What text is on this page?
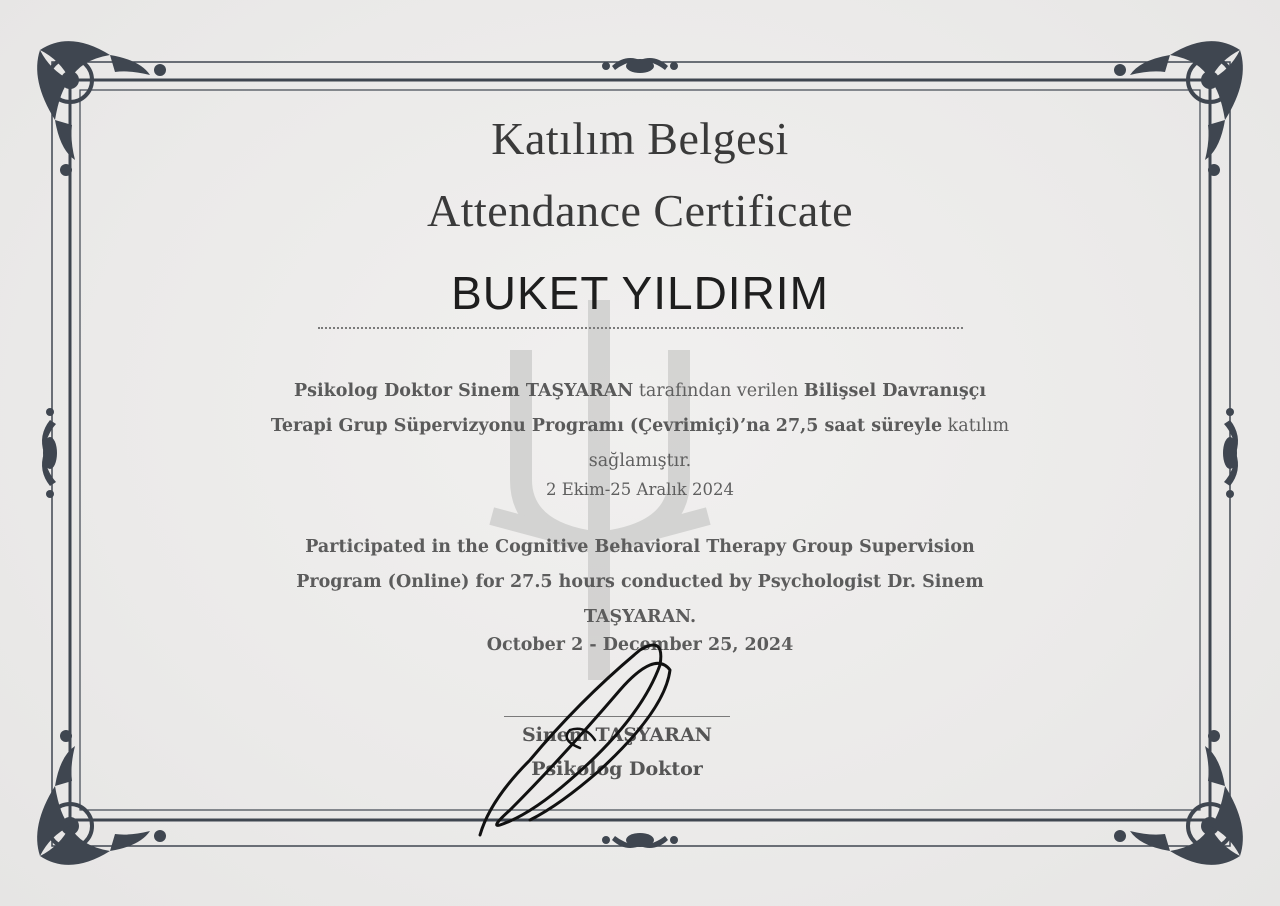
Katılım Belgesi
Attendance Certificate
BUKET YILDIRIM
Psikolog Doktor Sinem TAŞYARAN tarafından verilen Bilişsel Davranışçı Terapi Grup Süpervizyonu Programı (Çevrimiçi)’na 27,5 saat süreyle katılım sağlamıştır.
2 Ekim-25 Aralık 2024
Participated in the Cognitive Behavioral Therapy Group Supervision Program (Online) for 27.5 hours conducted by Psychologist Dr. Sinem TAŞYARAN.
October 2 - December 25, 2024
Sinem TAŞYARAN
Psikolog Doktor
